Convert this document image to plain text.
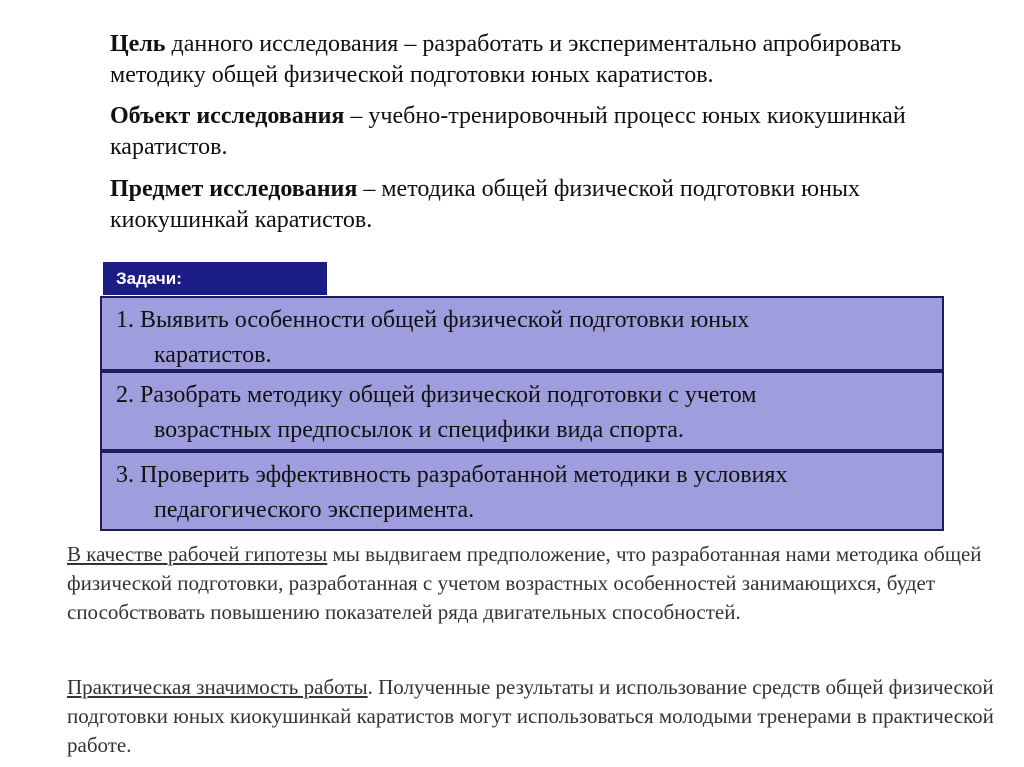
Цель данного исследования – разработать и экспериментально апробировать методику общей физической подготовки юных каратистов.
Объект исследования – учебно-тренировочный процесс юных киокушинкай каратистов.
Предмет исследования – методика общей физической подготовки юных киокушинкай каратистов.
Задачи:
1. Выявить особенности общей физической подготовки юных
каратистов.
2. Разобрать методику общей физической подготовки с учетом
возрастных предпосылок и специфики вида спорта.
3. Проверить эффективность разработанной методики в условиях
педагогического эксперимента.
В качестве рабочей гипотезы мы выдвигаем предположение, что разработанная нами методика общей физической подготовки, разработанная с учетом возрастных особенностей занимающихся, будет способствовать повышению показателей ряда двигательных способностей.
Практическая значимость работы. Полученные результаты и использование средств общей физической подготовки юных киокушинкай каратистов могут использоваться молодыми тренерами в практической работе.
